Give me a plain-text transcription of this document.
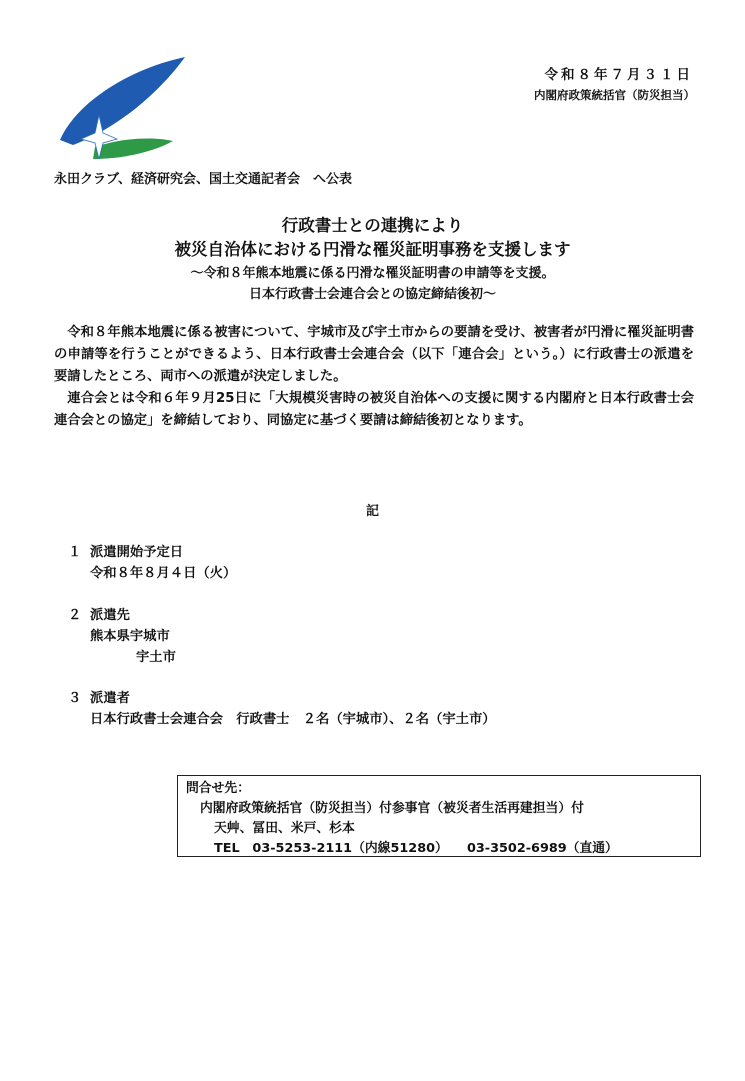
令和８年７月３１日
内閣府政策統括官（防災担当）
永田クラブ、経済研究会、国土交通記者会　へ公表
行政書士との連携により
被災自治体における円滑な罹災証明事務を支援します
～令和８年熊本地震に係る円滑な罹災証明書の申請等を支援。
日本行政書士会連合会との協定締結後初～

令和８年熊本地震に係る被害について、宇城市及び宇土市からの要請を受け、被害者が円滑に罹災証明書の申請等を行うことができるよう、日本行政書士会連合会（以下「連合会」という。）に行政書士の派遣を要請したところ、両市への派遣が決定しました。

連合会とは令和６年９月25日に「大規模災害時の被災自治体への支援に関する内閣府と日本行政書士会連合会との協定」を締結しており、同協定に基づく要請は締結後初となります。

記
１ 派遣開始予定日
令和８年８月４日（火）
２ 派遣先
熊本県宇城市
宇土市
３ 派遣者
日本行政書士会連合会　行政書士　２名（宇城市）、２名（宇土市）
問合せ先：
内閣府政策統括官（防災担当）付参事官（被災者生活再建担当）付
天艸、冨田、米戸、杉本
TEL　03-5253-2111（内線51280）　　03-3502-6989（直通）
